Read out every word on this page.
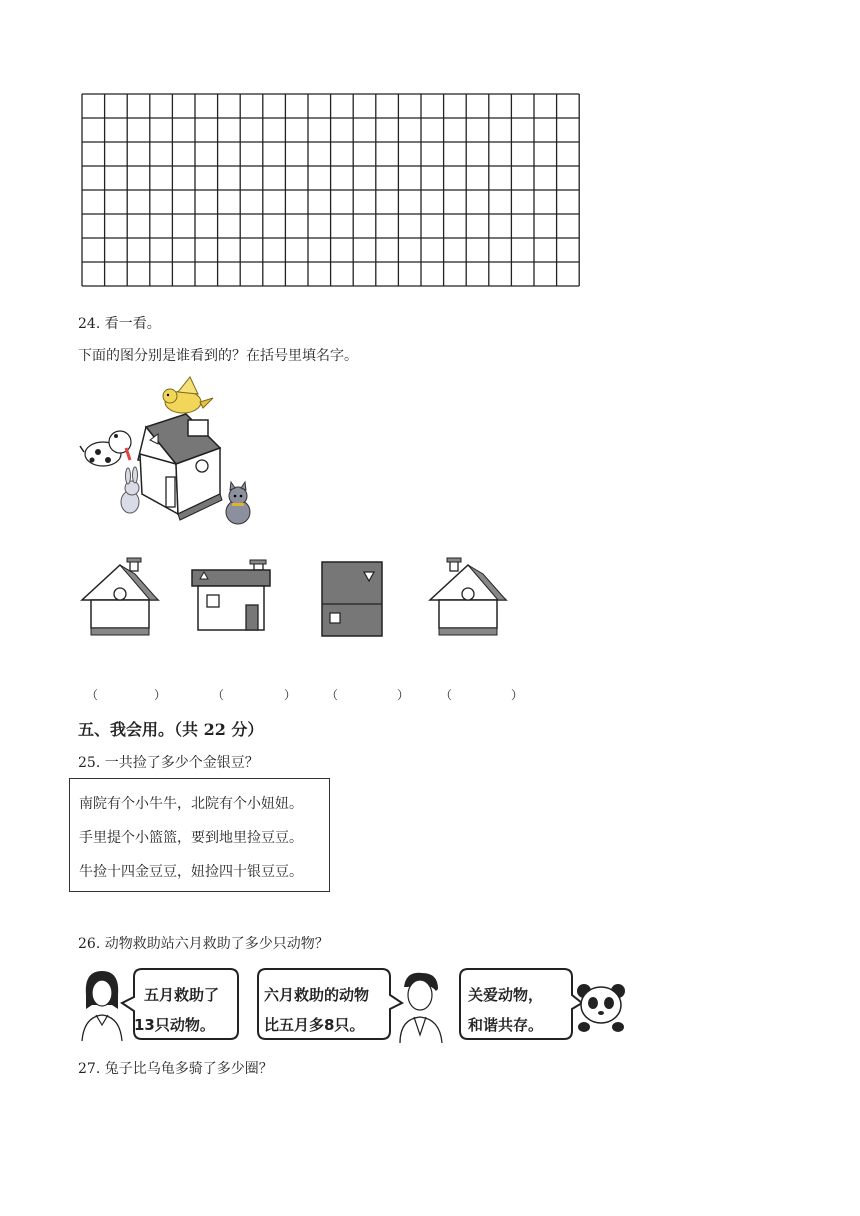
24. 看一看。
下面的图分别是谁看到的？在括号里填名字。
（	）	（	） （	）	（	）
五、我会用。（共 22 分）
25. 一共捡了多少个金银豆？
南院有个小牛牛，北院有个小妞妞。
手里提个小篮篮，要到地里捡豆豆。
牛捡十四金豆豆，妞捡四十银豆豆。
26. 动物救助站六月救助了多少只动物？
五月救助了
13只动物。
六月救助的动物
比五月多8只。
关爱动物，
和谐共存。
27. 兔子比乌龟多骑了多少圈？
